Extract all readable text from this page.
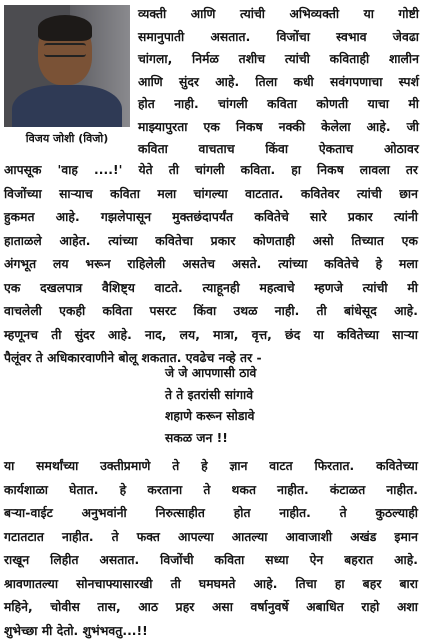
विजय जोशी (विजो)
व्यक्ती आणि त्यांची अभिव्यक्ती या गोष्टी
समानुपाती असतात. विजोंचा स्वभाव जेवढा
चांगला, निर्मळ तशीच त्यांची कविताही शालीन
आणि सुंदर आहे. तिला कधी सवंगपणाचा स्पर्श
होत नाही. चांगली कविता कोणती याचा मी
माझ्यापुरता एक निकष नक्की केलेला आहे. जी
कविता वाचताच किंवा ऐकताच ओठावर
आपसूक 'वाह ....!' येते ती चांगली कविता. हा निकष लावला तर
विजोंच्या साऱ्याच कविता मला चांगल्या वाटतात. कवितेवर त्यांची छान
हुकमत आहे. गझलेपासून मुक्तछंदापर्यंत कवितेचे सारे प्रकार त्यांनी
हाताळले आहेत. त्यांच्या कवितेचा प्रकार कोणताही असो तिच्यात एक
अंगभूत लय भरून राहिलेली असतेच असते. त्यांच्या कवितेचे हे मला
एक दखलपात्र वैशिष्ट्य वाटते. त्याहूनही महत्वाचे म्हणजे त्यांची मी
वाचलेली एकही कविता पसरट किंवा उथळ नाही. ती बांधेसूद आहे.
म्हणूनच ती सुंदर आहे. नाद, लय, मात्रा, वृत्त, छंद या कवितेच्या साऱ्या
पैलूंवर ते अधिकारवाणीने बोलू शकतात. एवढेच नव्हे तर -
जे जे आपणासी ठावे
ते ते इतरांसी सांगावे
शहाणे करून सोडावे
सकळ जन !!
या समर्थांच्या उक्तीप्रमाणे ते हे ज्ञान वाटत फिरतात. कवितेच्या
कार्यशाळा घेतात. हे करताना ते थकत नाहीत. कंटाळत नाहीत.
बऱ्या-वाईट अनुभवांनी निरुत्साहीत होत नाहीत. ते कुठल्याही
गटातटात नाहीत. ते फक्त आपल्या आतल्या आवाजाशी अखंड इमान
राखून लिहीत असतात. विजोंची कविता सध्या ऐन बहरात आहे.
श्रावणातल्या सोनचाफ्यासारखी ती घमघमते आहे. तिचा हा बहर बारा
महिने, चोवीस तास, आठ प्रहर असा वर्षानुवर्षे अबाधित राहो अशा
शुभेच्छा मी देतो. शुभंभवतु...!!
